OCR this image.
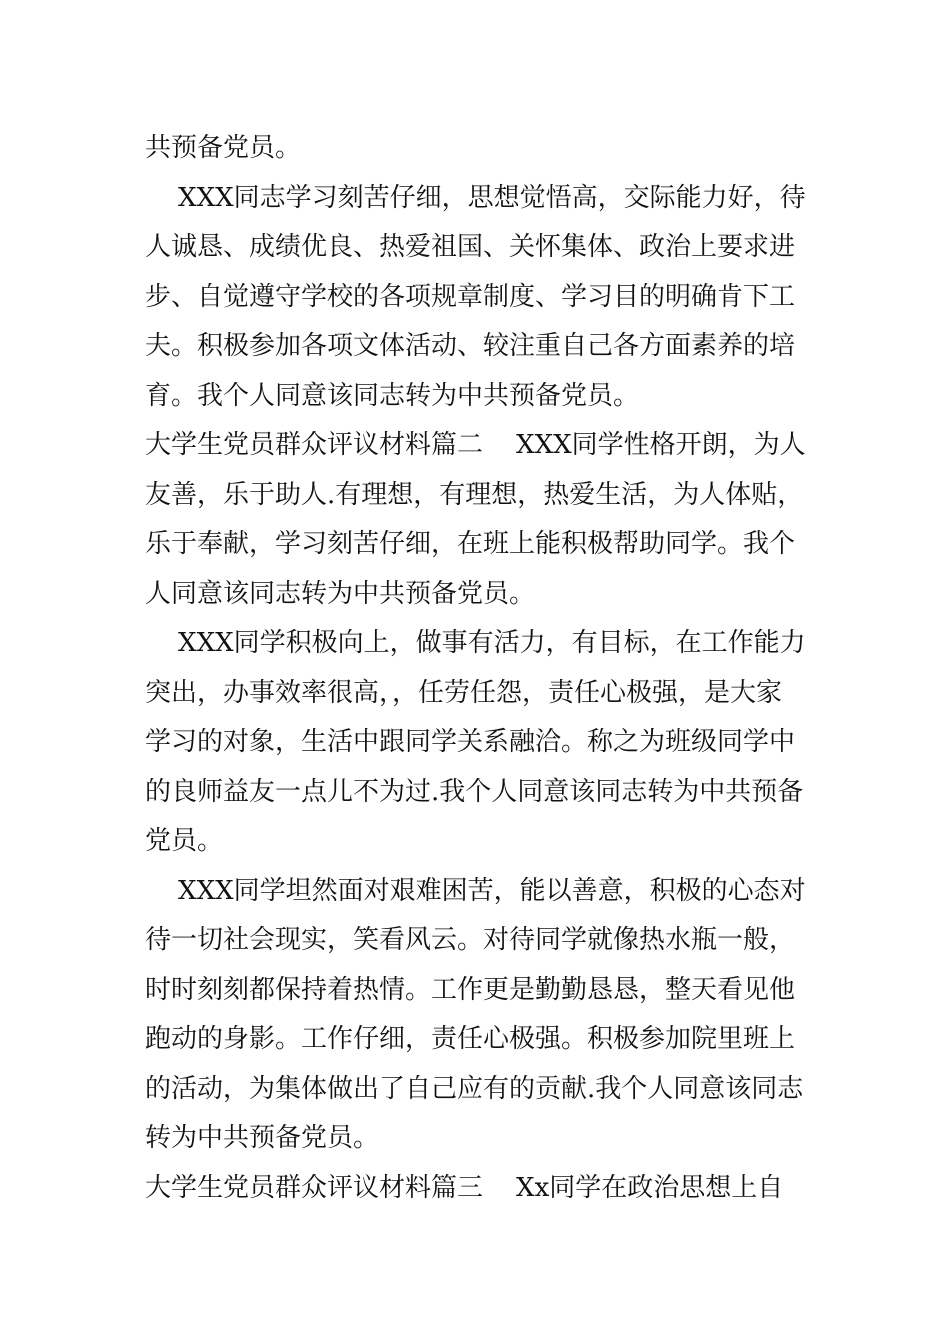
共预备党员。
XXX同志学习刻苦仔细，思想觉悟高，交际能力好，待
人诚恳、成绩优良、热爱祖国、关怀集体、政治上要求进
步、自觉遵守学校的各项规章制度、学习目的明确肯下工
夫。积极参加各项文体活动、较注重自己各方面素养的培
育。我个人同意该同志转为中共预备党员。
大学生党员群众评议材料篇二    XXX同学性格开朗，为人
友善，乐于助人.有理想，有理想，热爱生活，为人体贴，
乐于奉献，学习刻苦仔细，在班上能积极帮助同学。我个
人同意该同志转为中共预备党员。
XXX同学积极向上，做事有活力，有目标，在工作能力
突出，办事效率很高，，任劳任怨，责任心极强，是大家
学习的对象，生活中跟同学关系融洽。称之为班级同学中
的良师益友一点儿不为过.我个人同意该同志转为中共预备
党员。
XXX同学坦然面对艰难困苦，能以善意，积极的心态对
待一切社会现实，笑看风云。对待同学就像热水瓶一般，
时时刻刻都保持着热情。工作更是勤勤恳恳，整天看见他
跑动的身影。工作仔细，责任心极强。积极参加院里班上
的活动，为集体做出了自己应有的贡献.我个人同意该同志
转为中共预备党员。
大学生党员群众评议材料篇三    Xx同学在政治思想上自
